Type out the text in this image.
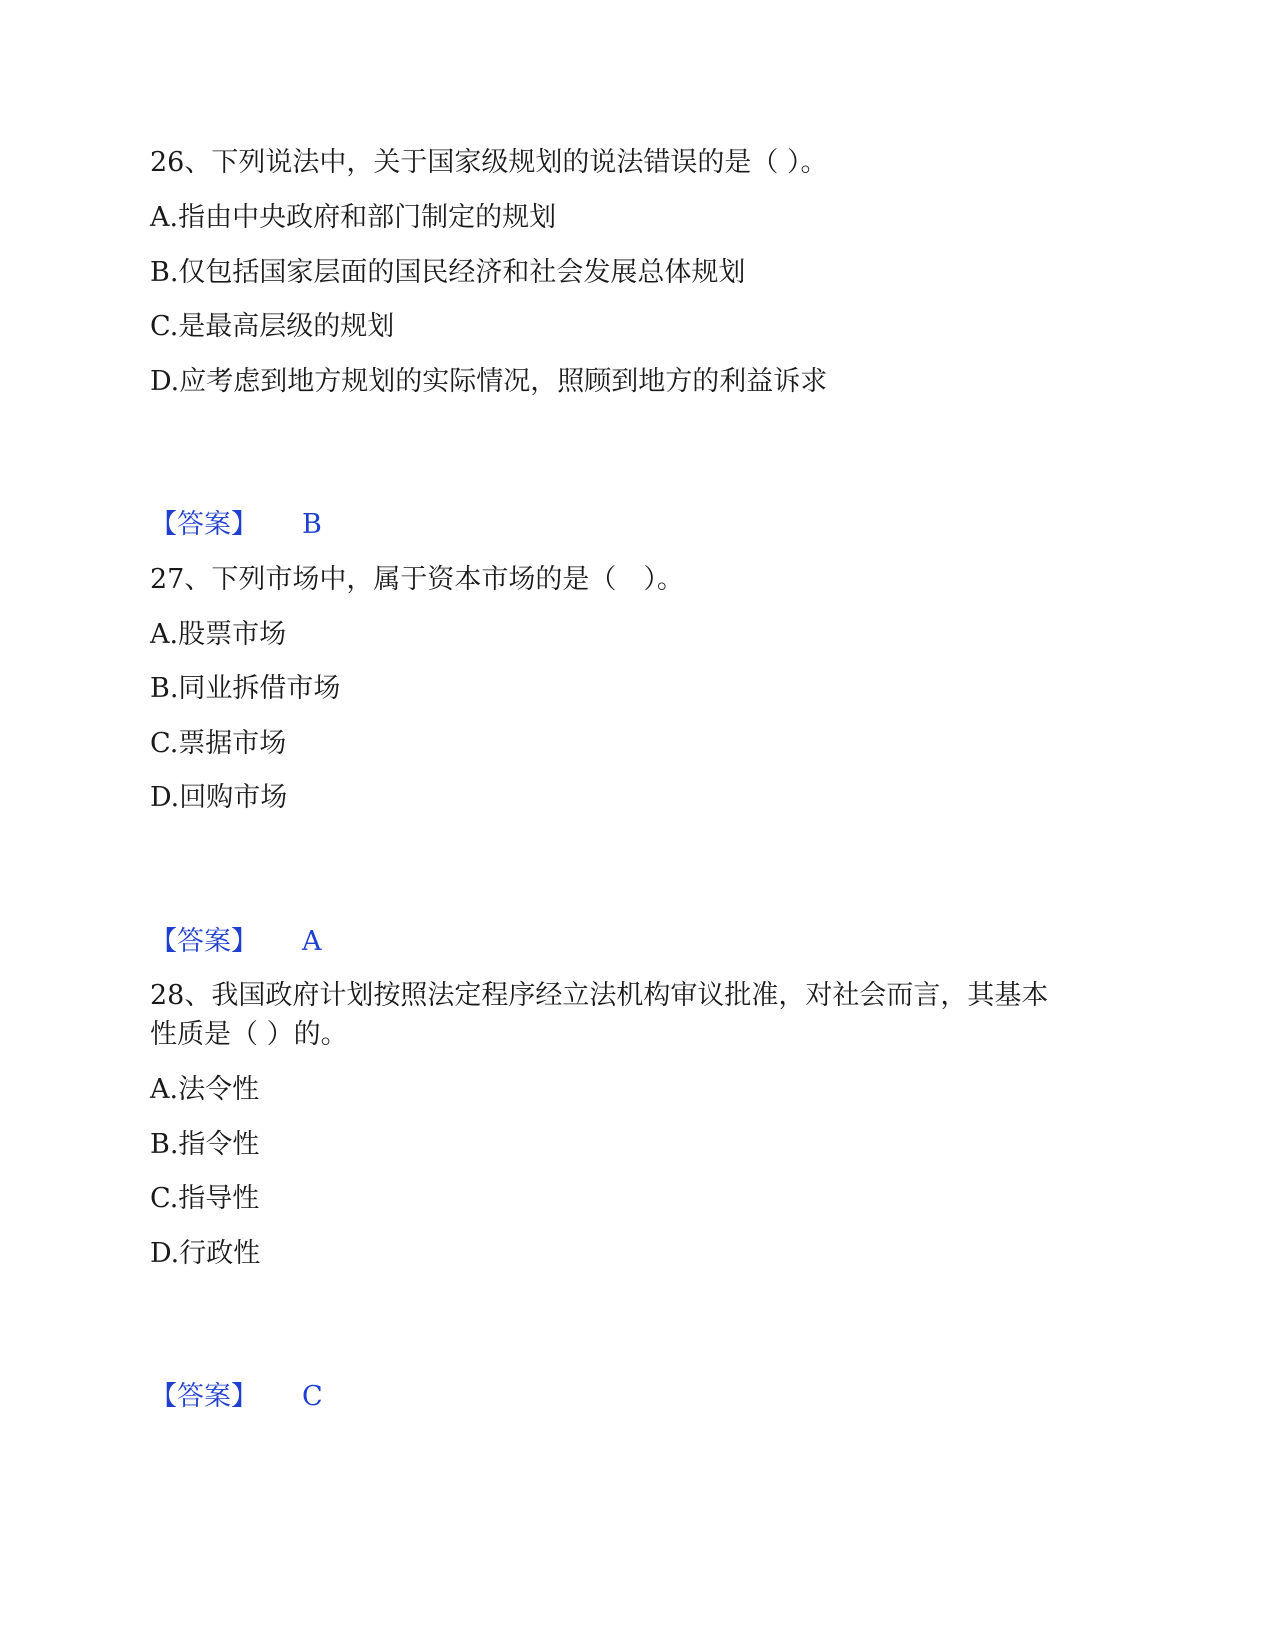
26、下列说法中，关于国家级规划的说法错误的是（ ）。
A.指由中央政府和部门制定的规划
B.仅包括国家层面的国民经济和社会发展总体规划
C.是最高层级的规划
D.应考虑到地方规划的实际情况，照顾到地方的利益诉求
【答案】 B
27、下列市场中，属于资本市场的是（　）。
A.股票市场
B.同业拆借市场
C.票据市场
D.回购市场
【答案】 A
28、我国政府计划按照法定程序经立法机构审议批准，对社会而言，其基本
性质是（ ）的。
A.法令性
B.指令性
C.指导性
D.行政性
【答案】 C
